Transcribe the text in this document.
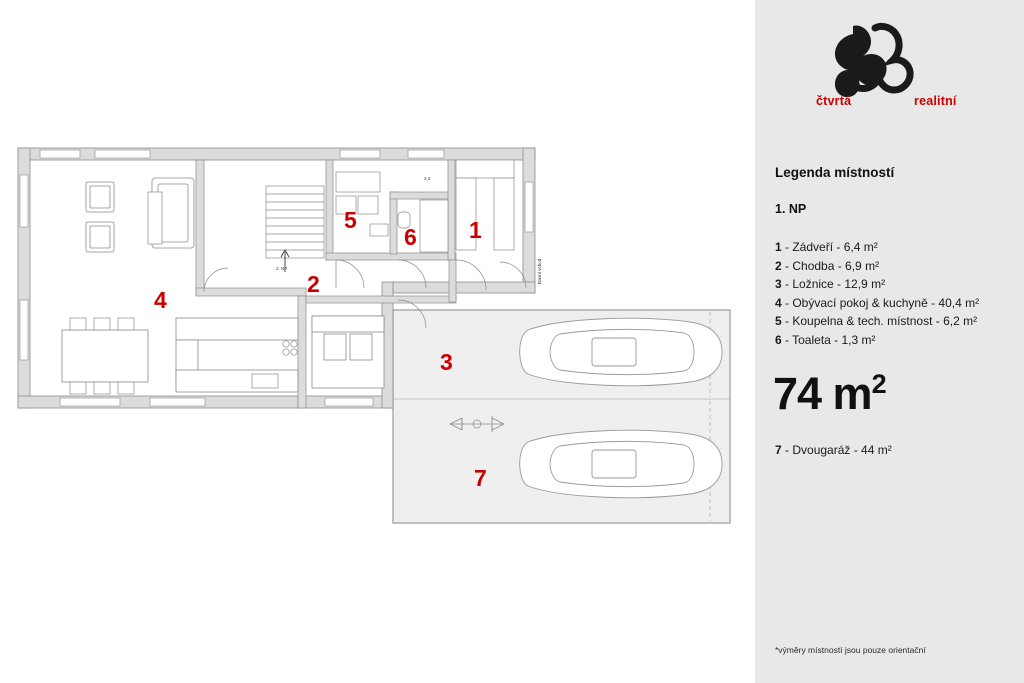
2. NP
2,3
hlavní vchod
1
2
3
4
5
6
7
čtvrtá	realitní
Legenda místností
1. NP
1 - Zádveří - 6,4 m²
2 - Chodba - 6,9 m²
3 - Ložnice - 12,9 m²
4 - Obývací pokoj & kuchyně - 40,4 m²
5 - Koupelna & tech. místnost - 6,2 m²
6 - Toaleta - 1,3 m²
74 $m^2$
7 - Dvougaráž - 44 m²
*výměry místností jsou pouze orientační
